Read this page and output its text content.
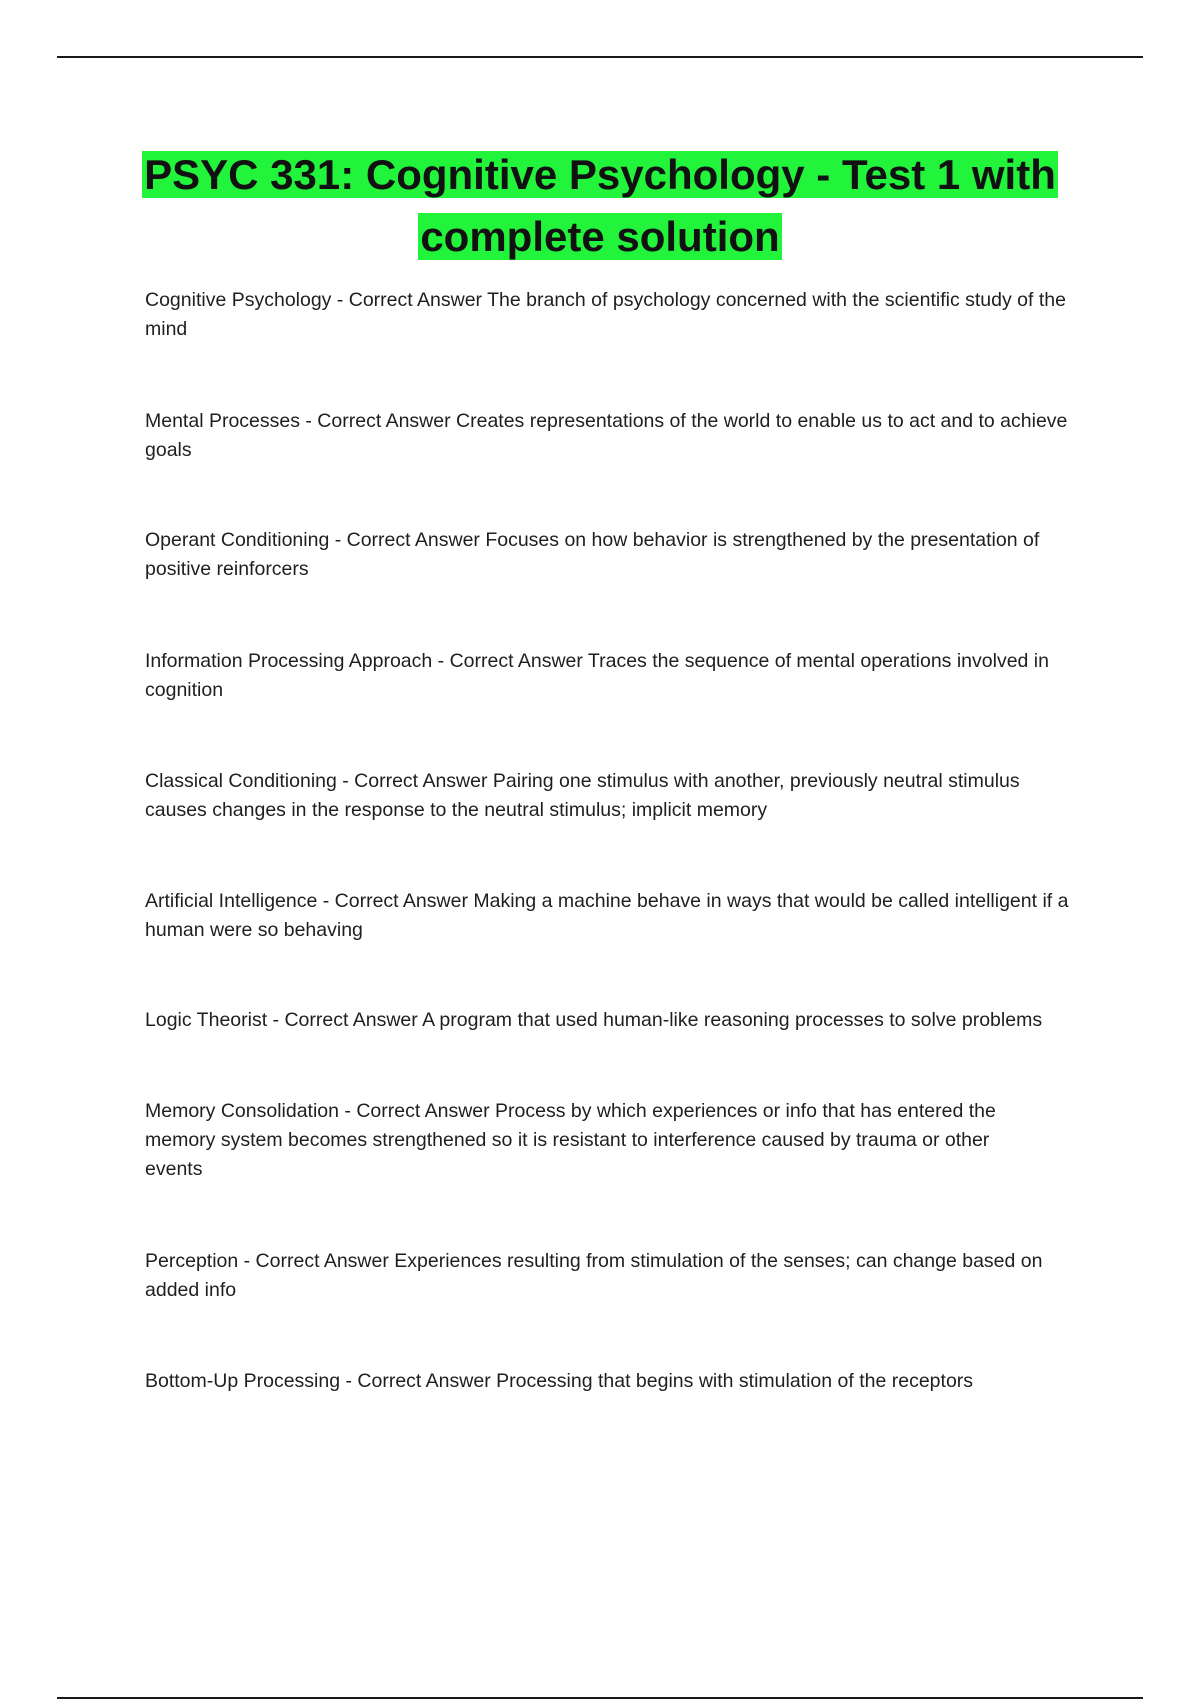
PSYC 331: Cognitive Psychology - Test 1 with complete solution
Cognitive Psychology - Correct Answer The branch of psychology concerned with the scientific study of the mind
Mental Processes - Correct Answer Creates representations of the world to enable us to act and to achieve goals
Operant Conditioning - Correct Answer Focuses on how behavior is strengthened by the presentation of positive reinforcers
Information Processing Approach - Correct Answer Traces the sequence of mental operations involved in cognition
Classical Conditioning - Correct Answer Pairing one stimulus with another, previously neutral stimulus causes changes in the response to the neutral stimulus; implicit memory
Artificial Intelligence - Correct Answer Making a machine behave in ways that would be called intelligent if a human were so behaving
Logic Theorist - Correct Answer A program that used human-like reasoning processes to solve problems
Memory Consolidation - Correct Answer Process by which experiences or info that has entered the memory system becomes strengthened so it is resistant to interference caused by trauma or other events
Perception - Correct Answer Experiences resulting from stimulation of the senses; can change based on added info
Bottom-Up Processing - Correct Answer Processing that begins with stimulation of the receptors
